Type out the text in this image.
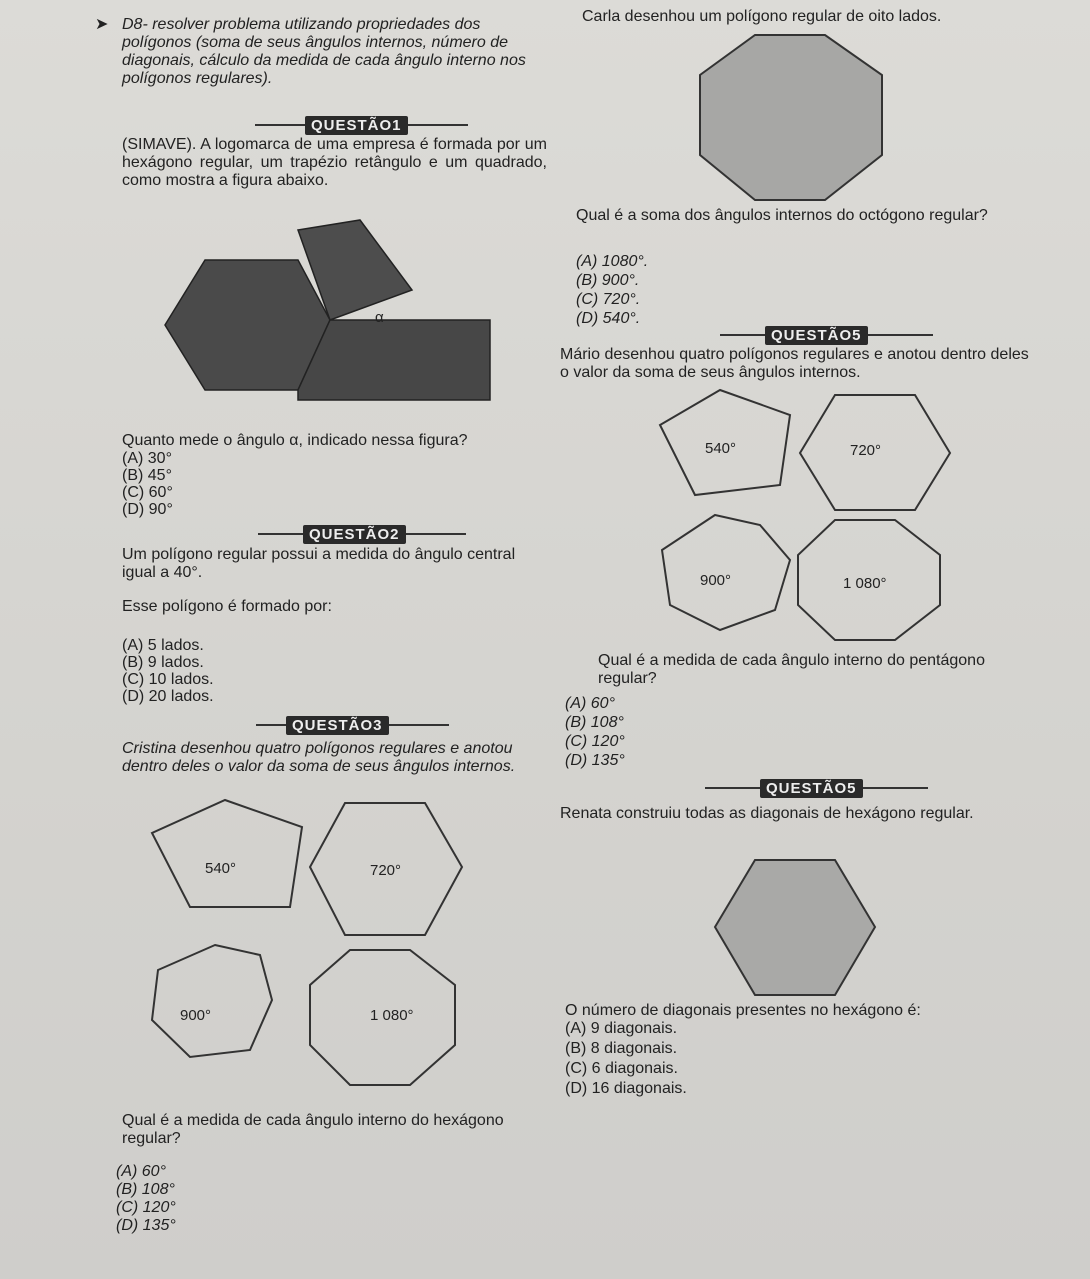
➤ D8- resolver problema utilizando propriedades dos polígonos (soma de seus ângulos internos, número de diagonais, cálculo da medida de cada ângulo interno nos polígonos regulares).
QUESTÃO1
(SIMAVE). A logomarca de uma empresa é formada por um hexágono regular, um trapézio retângulo e um quadrado, como mostra a figura abaixo.
α
Quanto mede o ângulo α, indicado nessa figura?
(A) 30°
(B) 45°
(C) 60°
(D) 90°
QUESTÃO2
Um polígono regular possui a medida do ângulo central igual a 40°.
Esse polígono é formado por:
(A) 5 lados.
(B) 9 lados.
(C) 10 lados.
(D) 20 lados.
QUESTÃO3
Cristina desenhou quatro polígonos regulares e anotou dentro deles o valor da soma de seus ângulos internos.
540°	720°
900°	1 080°
Qual é a medida de cada ângulo interno do hexágono regular?
(A) 60°
(B) 108°
(C) 120°
(D) 135°
Carla desenhou um polígono regular de oito lados.
Qual é a soma dos ângulos internos do octógono regular?
(A) 1080°.
(B) 900°.
(C) 720°.
(D) 540°.
QUESTÃO5
Mário desenhou quatro polígonos regulares e anotou dentro deles o valor da soma de seus ângulos internos.
540°	720°
900°	1 080°
Qual é a medida de cada ângulo interno do pentágono regular?
(A) 60°
(B) 108°
(C) 120°
(D) 135°
QUESTÃO5
Renata construiu todas as diagonais de hexágono regular.
O número de diagonais presentes no hexágono é:
(A) 9 diagonais.
(B) 8 diagonais.
(C) 6 diagonais.
(D) 16 diagonais.
